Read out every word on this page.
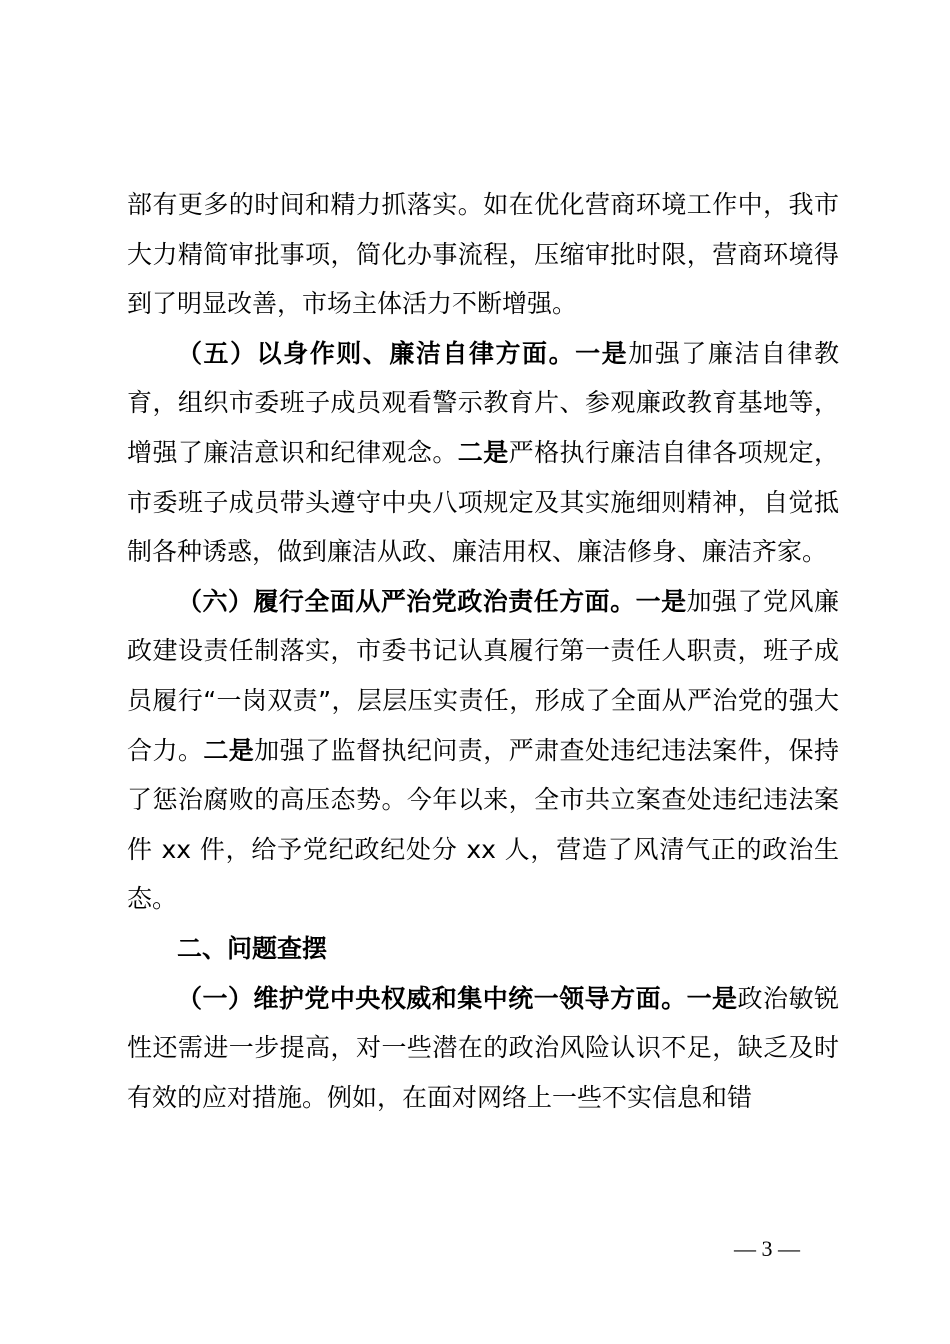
部有更多的时间和精力抓落实。如在优化营商环境工作中，我市大力精简审批事项，简化办事流程，压缩审批时限，营商环境得到了明显改善，市场主体活力不断增强。

（五）以身作则、廉洁自律方面。一是加强了廉洁自律教育，组织市委班子成员观看警示教育片、参观廉政教育基地等，增强了廉洁意识和纪律观念。二是严格执行廉洁自律各项规定，市委班子成员带头遵守中央八项规定及其实施细则精神，自觉抵制各种诱惑，做到廉洁从政、廉洁用权、廉洁修身、廉洁齐家。

（六）履行全面从严治党政治责任方面。一是加强了党风廉政建设责任制落实，市委书记认真履行第一责任人职责，班子成员履行“一岗双责”，层层压实责任，形成了全面从严治党的强大合力。二是加强了监督执纪问责，严肃查处违纪违法案件，保持了惩治腐败的高压态势。今年以来，全市共立案查处违纪违法案件 xx 件，给予党纪政纪处分 xx 人，营造了风清气正的政治生态。

二、问题查摆

（一）维护党中央权威和集中统一领导方面。一是政治敏锐性还需进一步提高，对一些潜在的政治风险认识不足，缺乏及时有效的应对措施。例如，在面对网络上一些不实信息和错

— 3 —
